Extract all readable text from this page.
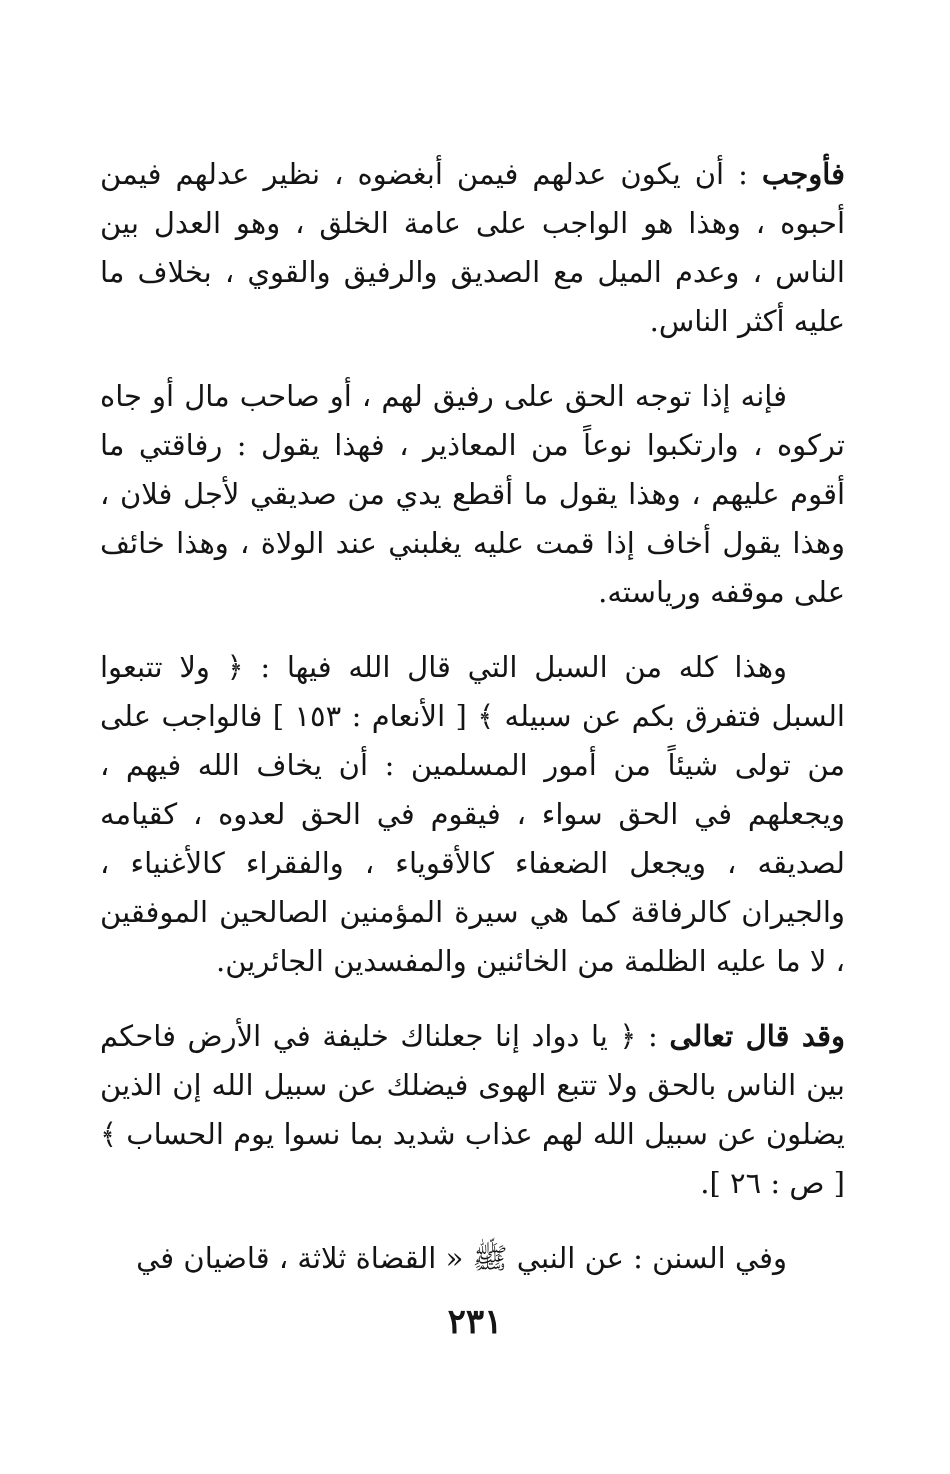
فأوجب : أن يكون عدلهم فيمن أبغضوه ، نظير عدلهم فيمن أحبوه ، وهذا هو الواجب على عامة الخلق ، وهو العدل بين الناس ، وعدم الميل مع الصديق والرفيق والقوي ، بخلاف ما عليه أكثر الناس.

فإنه إذا توجه الحق على رفيق لهم ، أو صاحب مال أو جاه تركوه ، وارتكبوا نوعاً من المعاذير ، فهذا يقول : رفاقتي ما أقوم عليهم ، وهذا يقول ما أقطع يدي من صديقي لأجل فلان ، وهذا يقول أخاف إذا قمت عليه يغلبني عند الولاة ، وهذا خائف على موقفه ورياسته.

وهذا كله من السبل التي قال الله فيها : ﴿ ولا تتبعوا السبل فتفرق بكم عن سبيله ﴾ [ الأنعام : ١٥٣ ] فالواجب على من تولى شيئاً من أمور المسلمين : أن يخاف الله فيهم ، ويجعلهم في الحق سواء ، فيقوم في الحق لعدوه ، كقيامه لصديقه ، ويجعل الضعفاء كالأقوياء ، والفقراء كالأغنياء ، والجيران كالرفاقة كما هي سيرة المؤمنين الصالحين الموفقين ، لا ما عليه الظلمة من الخائنين والمفسدين الجائرين.

وقد قال تعالى : ﴿ يا دواد إنا جعلناك خليفة في الأرض فاحكم بين الناس بالحق ولا تتبع الهوى فيضلك عن سبيل الله إن الذين يضلون عن سبيل الله لهم عذاب شديد بما نسوا يوم الحساب ﴾ [ ص : ٢٦ ].

وفي السنن : عن النبي ﷺ « القضاة ثلاثة ، قاضيان في

٢٣١
